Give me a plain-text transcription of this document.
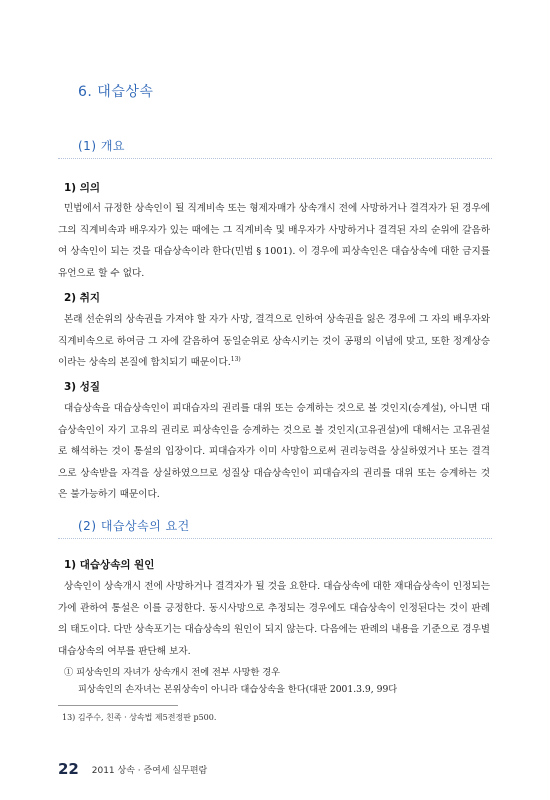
6. 대습상속
(1) 개요
1) 의의

민법에서 규정한 상속인이 될 직계비속 또는 형제자매가 상속개시 전에 사망하거나 결격자가 된 경우에 그의 직계비속과 배우자가 있는 때에는 그 직계비속 및 배우자가 사망하거나 결격된 자의 순위에 갈음하여 상속인이 되는 것을 대습상속이라 한다(민법 § 1001). 이 경우에 피상속인은 대습상속에 대한 금지를 유언으로 할 수 없다.

2) 취지

본래 선순위의 상속권을 가져야 할 자가 사망, 결격으로 인하여 상속권을 잃은 경우에 그 자의 배우자와 직계비속으로 하여금 그 자에 갈음하여 동일순위로 상속시키는 것이 공평의 이념에 맞고, 또한 정계상승이라는 상속의 본질에 합치되기 때문이다.$^{13)}$

3) 성질

대습상속을 대습상속인이 피대습자의 권리를 대위 또는 승계하는 것으로 볼 것인지(승계설), 아니면 대습상속인이 자기 고유의 권리로 피상속인을 승계하는 것으로 볼 것인지(고유권설)에 대해서는 고유권설로 해석하는 것이 통설의 입장이다. 피대습자가 이미 사망함으로써 권리능력을 상실하였거나 또는 결격으로 상속받을 자격을 상실하였으므로 성질상 대습상속인이 피대습자의 권리를 대위 또는 승계하는 것은 불가능하기 때문이다.

(2) 대습상속의 요건
1) 대습상속의 원인

상속인이 상속개시 전에 사망하거나 결격자가 될 것을 요한다. 대습상속에 대한 재대습상속이 인정되는가에 관하여 통설은 이를 긍정한다. 동시사망으로 추정되는 경우에도 대습상속이 인정된다는 것이 판례의 태도이다. 다만 상속포기는 대습상속의 원인이 되지 않는다. 다음에는 판례의 내용을 기준으로 경우별 대습상속의 여부를 판단해 보자.

① 피상속인의 자녀가 상속개시 전에 전부 사망한 경우
피상속인의 손자녀는 본위상속이 아니라 대습상속을 한다(대판 2001.3.9, 99다
13) 김주수, 친족 · 상속법 제5전정판 p500.
22 2011 상속 · 증여세 실무편람
